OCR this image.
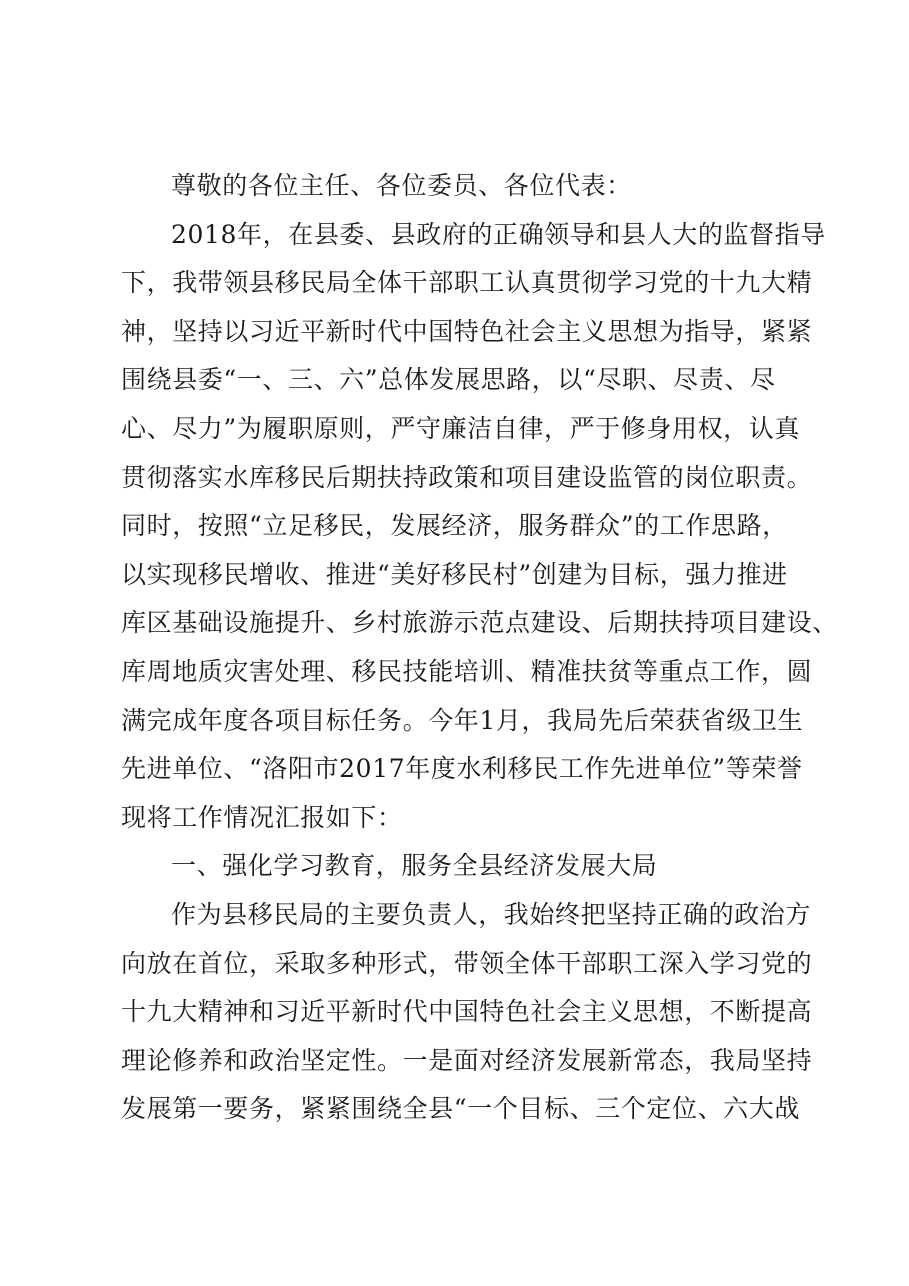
尊敬的各位主任、各位委员、各位代表：
2018年，在县委、县政府的正确领导和县人大的监督指导
下，我带领县移民局全体干部职工认真贯彻学习党的十九大精
神，坚持以习近平新时代中国特色社会主义思想为指导，紧紧
围绕县委“一、三、六”总体发展思路，以“尽职、尽责、尽
心、尽力”为履职原则，严守廉洁自律，严于修身用权，认真
贯彻落实水库移民后期扶持政策和项目建设监管的岗位职责。
同时，按照“立足移民，发展经济，服务群众”的工作思路，
以实现移民增收、推进“美好移民村”创建为目标，强力推进
库区基础设施提升、乡村旅游示范点建设、后期扶持项目建设、
库周地质灾害处理、移民技能培训、精准扶贫等重点工作，圆
满完成年度各项目标任务。今年1月，我局先后荣获省级卫生
先进单位、“洛阳市2017年度水利移民工作先进单位”等荣誉
现将工作情况汇报如下：
一、强化学习教育，服务全县经济发展大局
作为县移民局的主要负责人，我始终把坚持正确的政治方
向放在首位，采取多种形式，带领全体干部职工深入学习党的
十九大精神和习近平新时代中国特色社会主义思想，不断提高
理论修养和政治坚定性。一是面对经济发展新常态，我局坚持
发展第一要务，紧紧围绕全县“一个目标、三个定位、六大战
